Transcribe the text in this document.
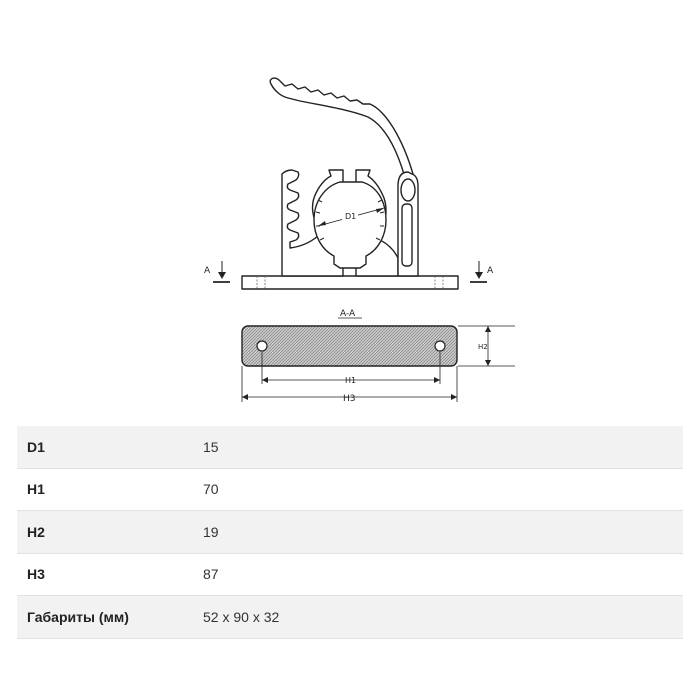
D1
A	A
A-A
H2
H1
H3
D1	15
H1	70
H2	19
H3	87
Габариты (мм)	52 x 90 x 32
